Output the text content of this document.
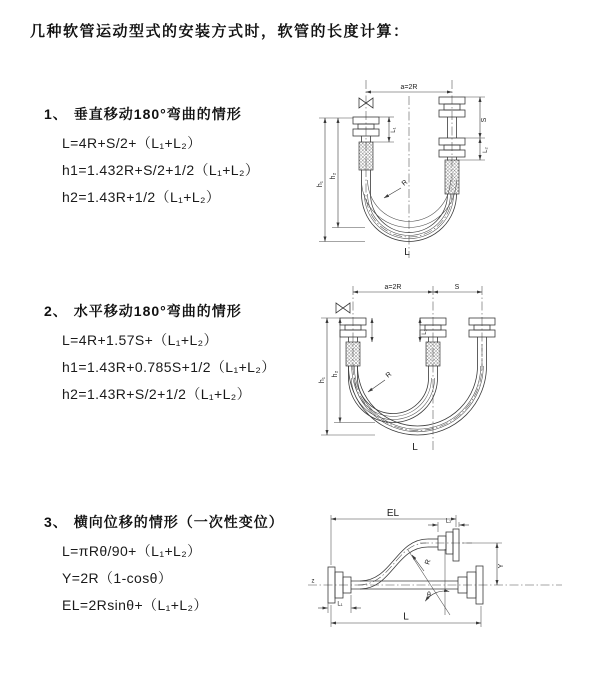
几种软管运动型式的安装方式时，软管的长度计算：
1、 垂直移动180°弯曲的情形
L=4R+S/2+（L₁+L₂）
h1=1.432R+S/2+1/2（L₁+L₂）
h2=1.43R+1/2（L₁+L₂）
2、 水平移动180°弯曲的情形
L=4R+1.57S+（L₁+L₂）
h1=1.43R+0.785S+1/2（L₁+L₂）
h2=1.43R+S/2+1/2（L₁+L₂）
3、 横向位移的情形（一次性变位）
L=πRθ/90+（L₁+L₂）
Y=2R（1-cosθ）
EL=2Rsinθ+（L₁+L₂）
a=2R
h₁
h₂
S
L₂
L₁
R
L
a=2R	S
h₁
h₂
L₁
R
L
EL
L₂
Y
R
θ
L
L₁
z
